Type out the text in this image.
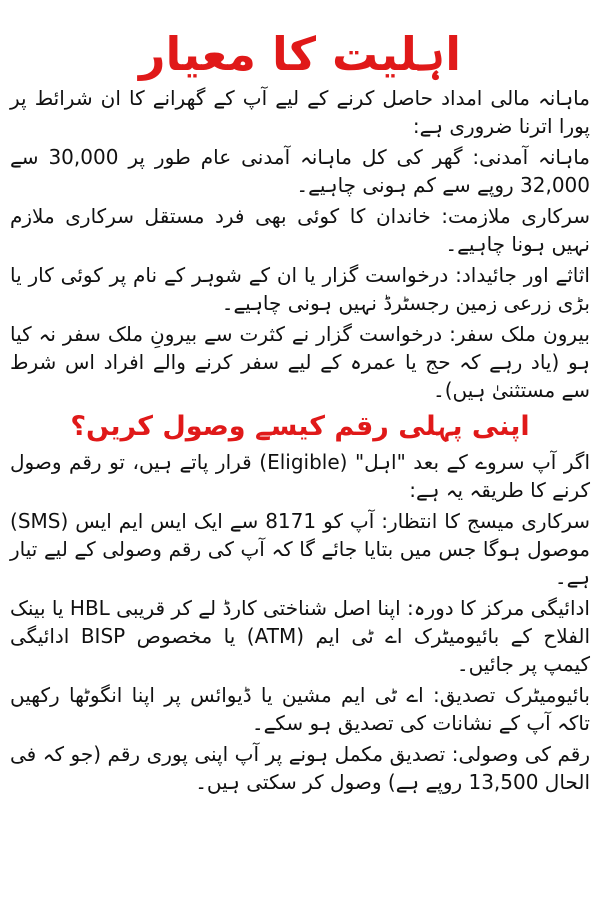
اہلیت کا معیار

ماہانہ مالی امداد حاصل کرنے کے لیے آپ کے گھرانے کا ان شرائط پر پورا اترنا ضروری ہے:

ماہانہ آمدنی: گھر کی کل ماہانہ آمدنی عام طور پر 30,000 سے 32,000 روپے سے کم ہونی چاہیے۔

سرکاری ملازمت: خاندان کا کوئی بھی فرد مستقل سرکاری ملازم نہیں ہونا چاہیے۔

اثاثے اور جائیداد: درخواست گزار یا ان کے شوہر کے نام پر کوئی کار یا بڑی زرعی زمین رجسٹرڈ نہیں ہونی چاہیے۔

بیرون ملک سفر: درخواست گزار نے کثرت سے بیرونِ ملک سفر نہ کیا ہو (یاد رہے کہ حج یا عمرہ کے لیے سفر کرنے والے افراد اس شرط سے مستثنیٰ ہیں)۔

اپنی پہلی رقم کیسے وصول کریں؟

اگر آپ سروے کے بعد "اہل" (Eligible) قرار پاتے ہیں، تو رقم وصول کرنے کا طریقہ یہ ہے:

سرکاری میسج کا انتظار: آپ کو 8171 سے ایک ایس ایم ایس (SMS) موصول ہوگا جس میں بتایا جائے گا کہ آپ کی رقم وصولی کے لیے تیار ہے۔

ادائیگی مرکز کا دورہ: اپنا اصل شناختی کارڈ لے کر قریبی HBL یا بینک الفلاح کے بائیومیٹرک اے ٹی ایم (ATM) یا مخصوص BISP ادائیگی کیمپ پر جائیں۔

بائیومیٹرک تصدیق: اے ٹی ایم مشین یا ڈیوائس پر اپنا انگوٹھا رکھیں تاکہ آپ کے نشانات کی تصدیق ہو سکے۔

رقم کی وصولی: تصدیق مکمل ہونے پر آپ اپنی پوری رقم (جو کہ فی الحال 13,500 روپے ہے) وصول کر سکتی ہیں۔
